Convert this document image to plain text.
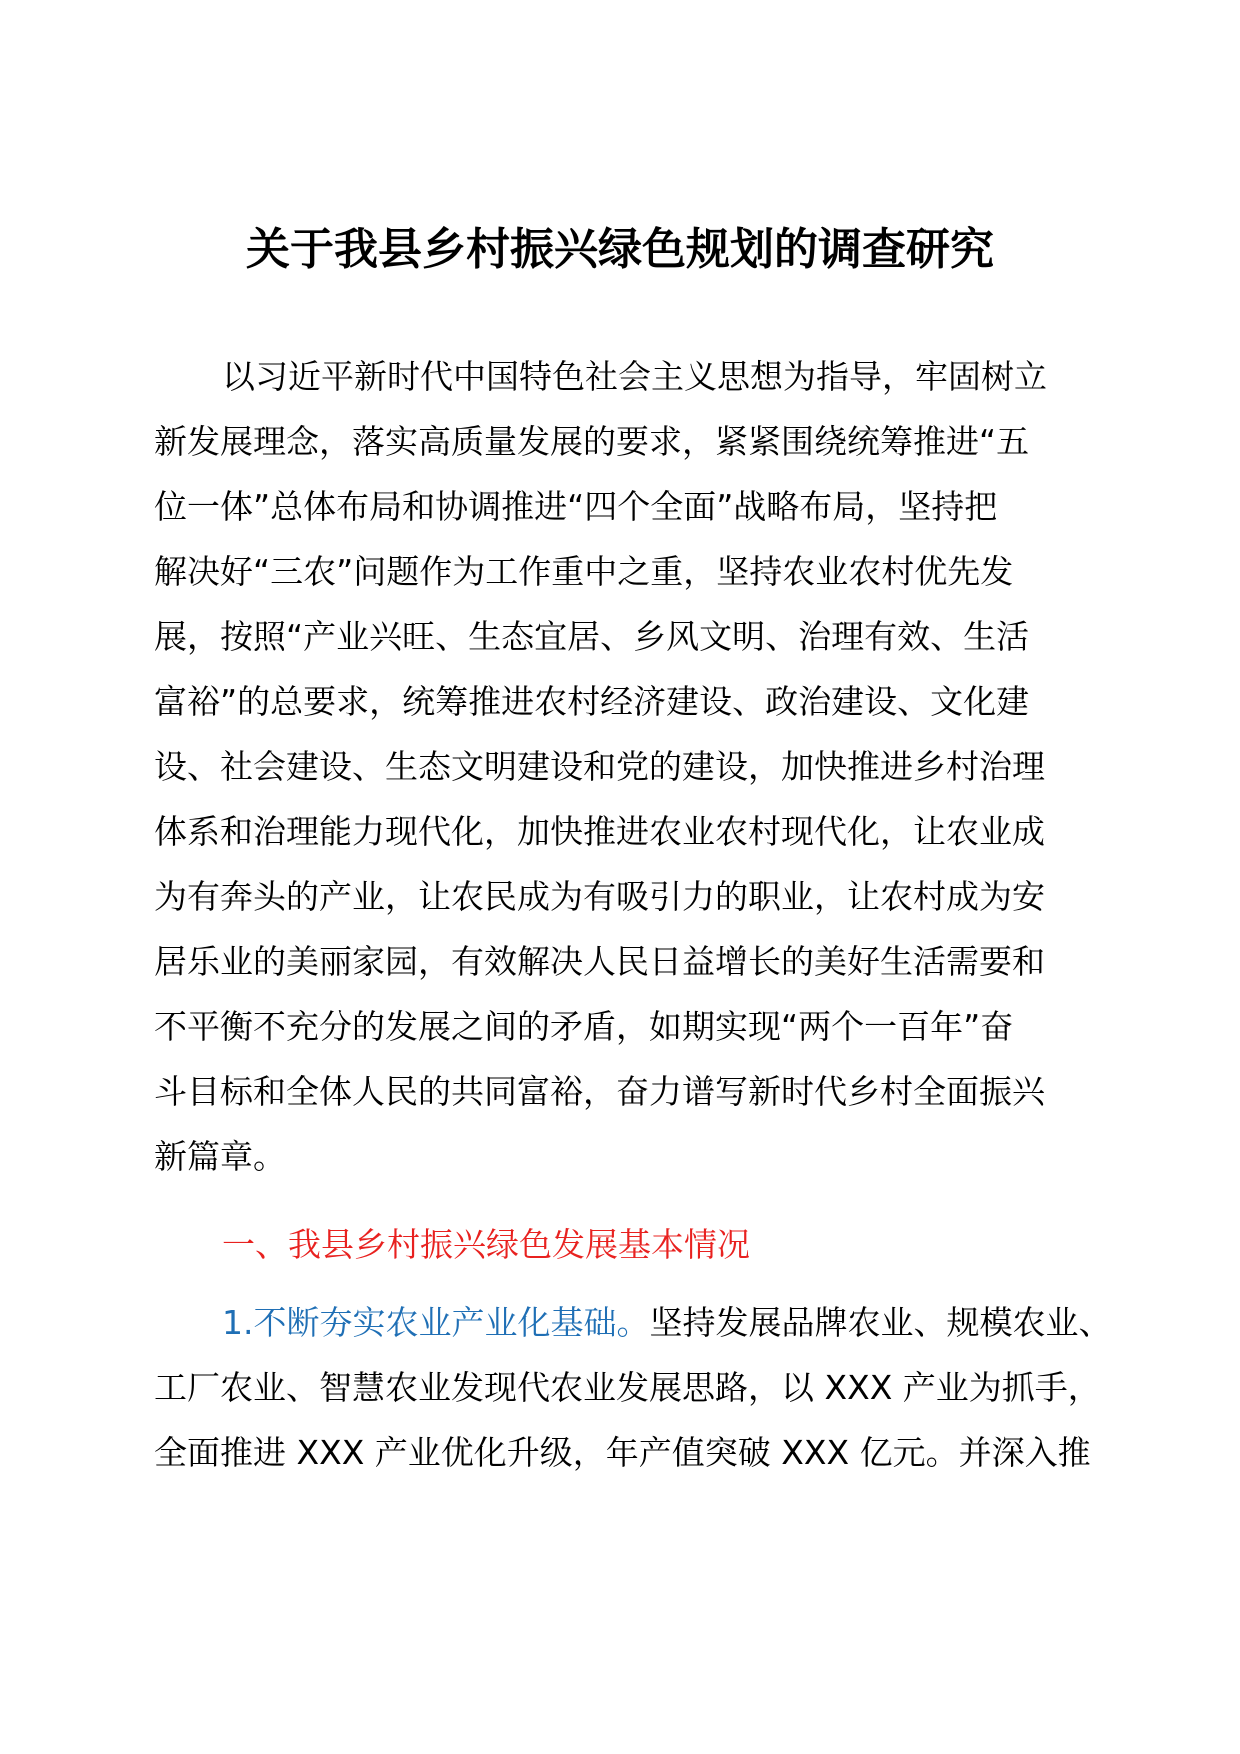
关于我县乡村振兴绿色规划的调查研究
以习近平新时代中国特色社会主义思想为指导，牢固树立
新发展理念，落实高质量发展的要求，紧紧围绕统筹推进“五
位一体”总体布局和协调推进“四个全面”战略布局，坚持把
解决好“三农”问题作为工作重中之重，坚持农业农村优先发
展，按照“产业兴旺、生态宜居、乡风文明、治理有效、生活
富裕”的总要求，统筹推进农村经济建设、政治建设、文化建
设、社会建设、生态文明建设和党的建设，加快推进乡村治理
体系和治理能力现代化，加快推进农业农村现代化，让农业成
为有奔头的产业，让农民成为有吸引力的职业，让农村成为安
居乐业的美丽家园，有效解决人民日益增长的美好生活需要和
不平衡不充分的发展之间的矛盾，如期实现“两个一百年”奋
斗目标和全体人民的共同富裕，奋力谱写新时代乡村全面振兴
新篇章。
一、我县乡村振兴绿色发展基本情况
1.不断夯实农业产业化基础。坚持发展品牌农业、规模农业、
工厂农业、智慧农业发现代农业发展思路，以 XXX 产业为抓手，
全面推进 XXX 产业优化升级，年产值突破 XXX 亿元。并深入推
